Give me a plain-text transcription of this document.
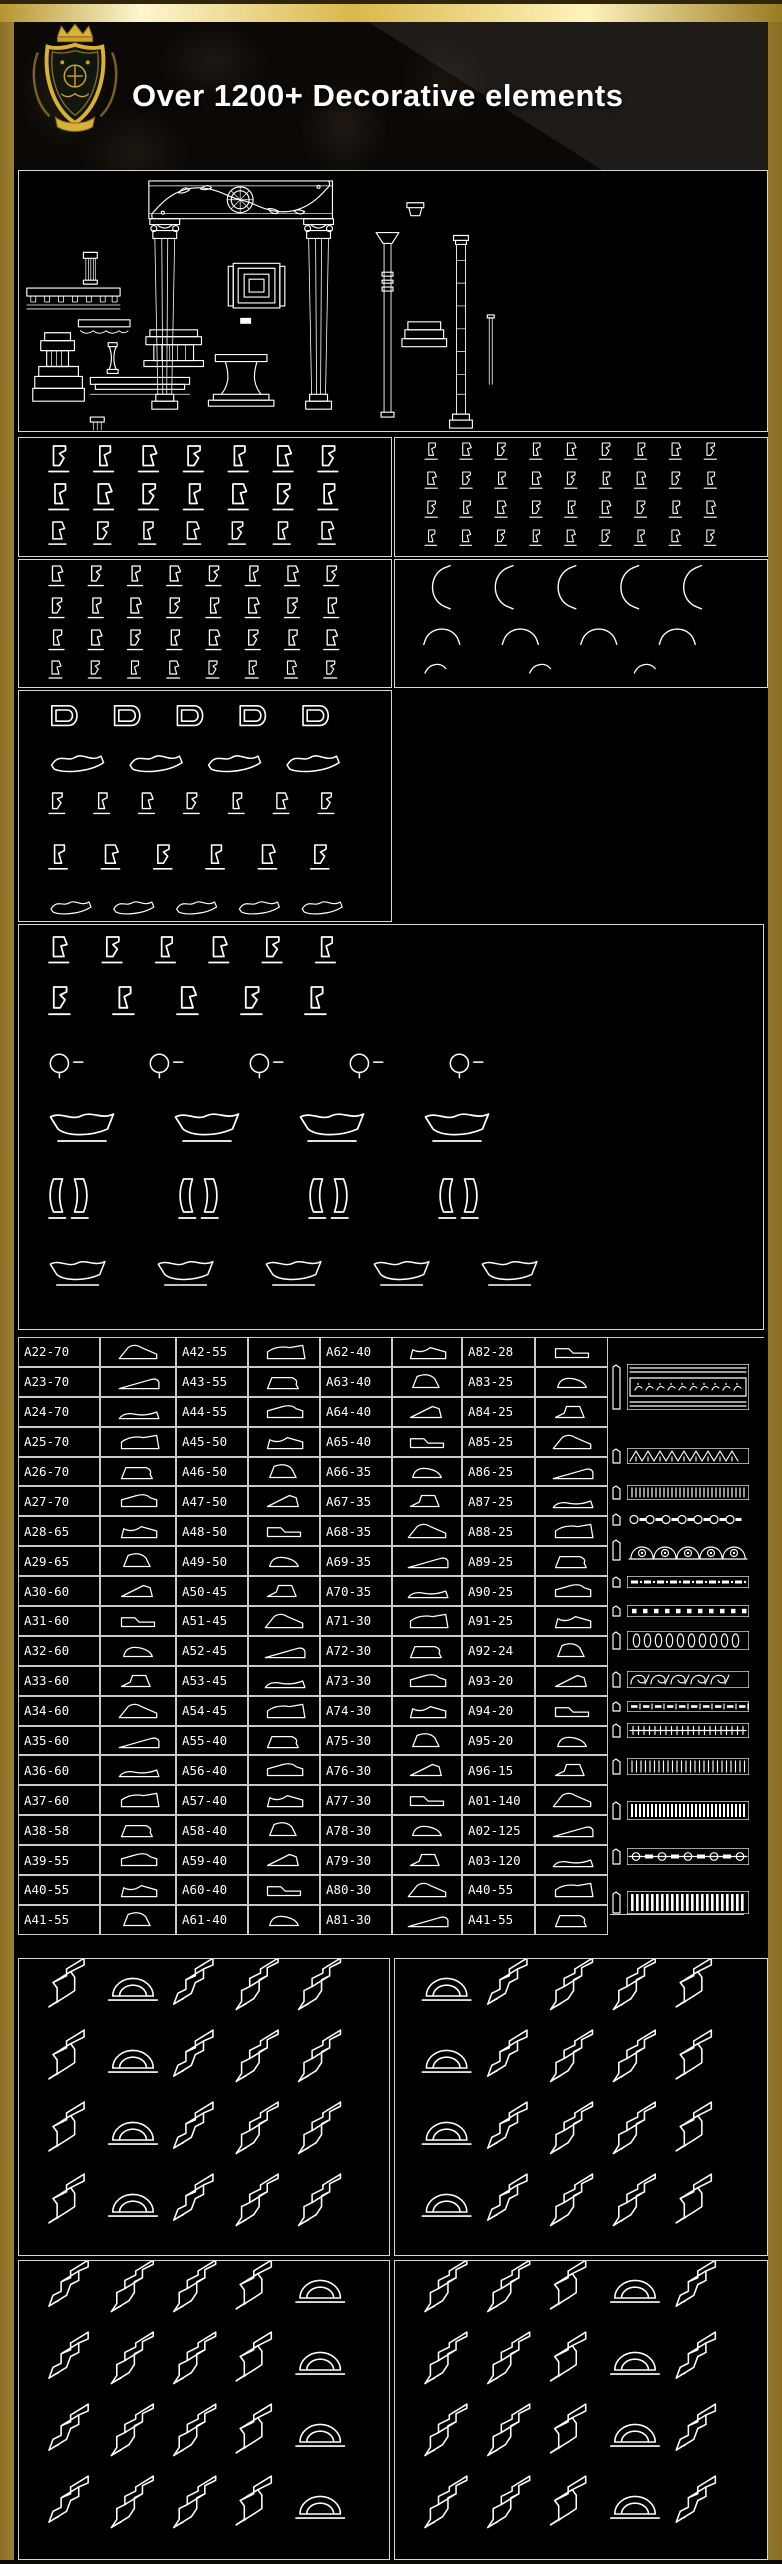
Over 1200+ Decorative elements
A22-70	A42-55	A62-40	A82-28
A23-70	A43-55	A63-40	A83-25
A24-70	A44-55	A64-40	A84-25
A25-70	A45-50	A65-40	A85-25
A26-70	A46-50	A66-35	A86-25
A27-70	A47-50	A67-35	A87-25
A28-65	A48-50	A68-35	A88-25
A29-65	A49-50	A69-35	A89-25
A30-60	A50-45	A70-35	A90-25
A31-60	A51-45	A71-30	A91-25
A32-60	A52-45	A72-30	A92-24
A33-60	A53-45	A73-30	A93-20
A34-60	A54-45	A74-30	A94-20
A35-60	A55-40	A75-30	A95-20
A36-60	A56-40	A76-30	A96-15
A37-60	A57-40	A77-30	A01-140
A38-58	A58-40	A78-30	A02-125
A39-55	A59-40	A79-30	A03-120
A40-55	A60-40	A80-30	A40-55
A41-55	A61-40	A81-30	A41-55
